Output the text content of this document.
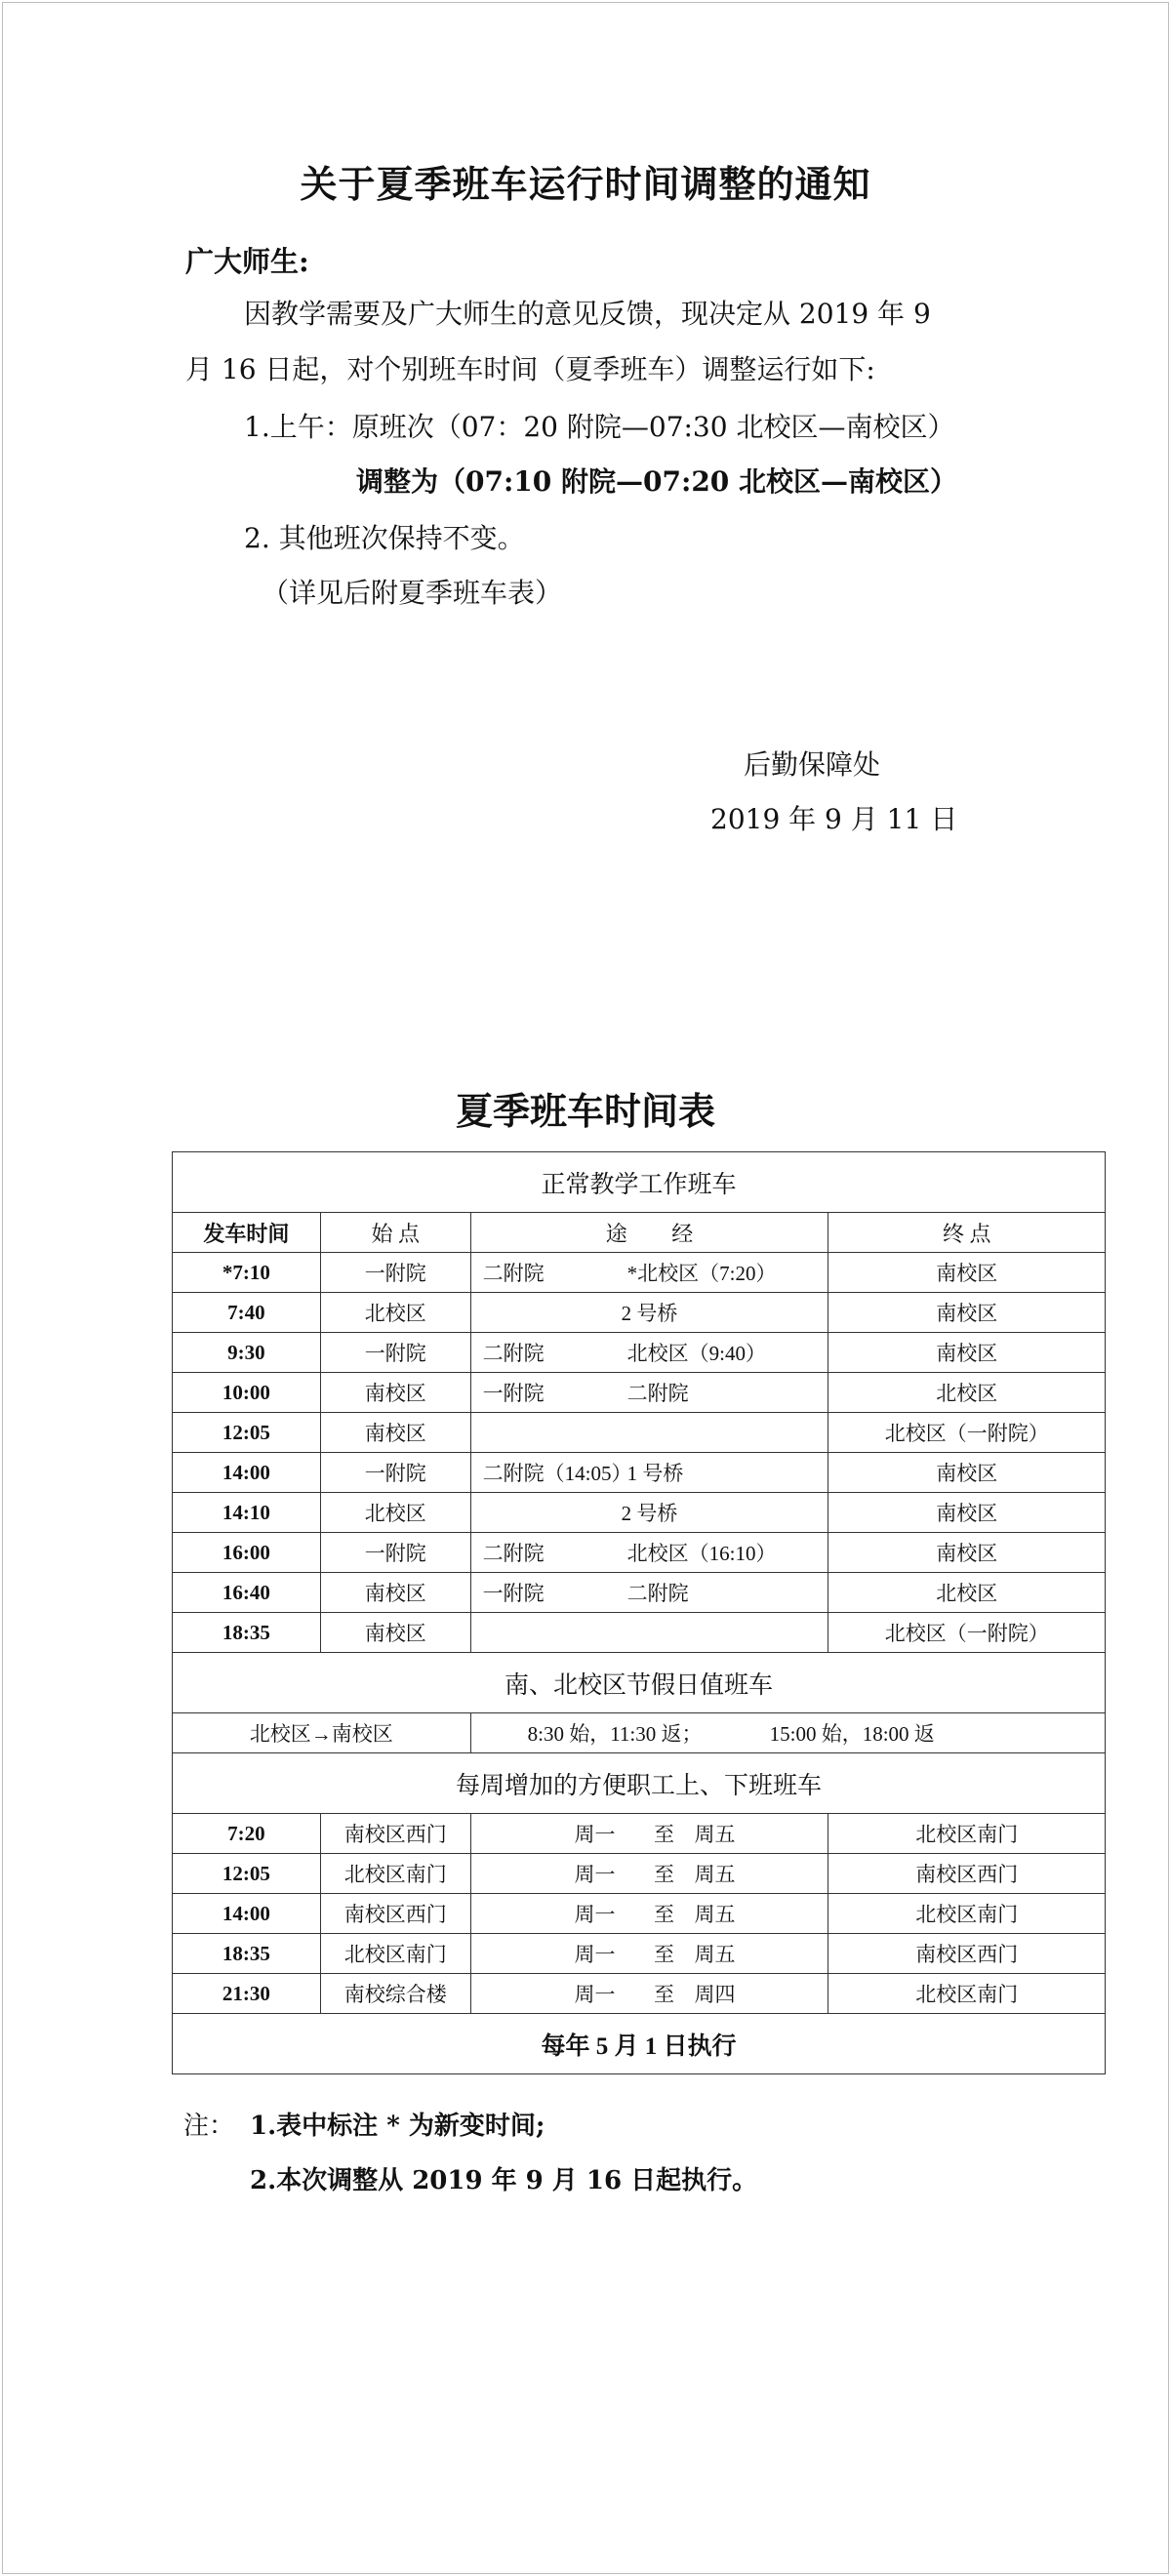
关于夏季班车运行时间调整的通知
广大师生:
因教学需要及广大师生的意见反馈，现决定从 2019 年 9
月 16 日起，对个别班车时间（夏季班车）调整运行如下:
1.上午：原班次（07：20 附院—07:30 北校区—南校区）
调整为（07:10 附院—07:20 北校区—南校区）
2. 其他班次保持不变。
（详见后附夏季班车表）
后勤保障处
2019 年 9 月 11 日
夏季班车时间表
正常教学工作班车			
发车时间	始 点	途 经	终 点
*7:10	一附院	二附院 *北校区（7:20）	南校区
7:40	北校区	2 号桥	南校区
9:30	一附院	二附院 北校区（9:40）	南校区
10:00	南校区	一附院 二附院	北校区
12:05	南校区		北校区（一附院）
14:00	一附院	二附院（14:05）1 号桥	南校区
14:10	北校区	2 号桥	南校区
16:00	一附院	二附院 北校区（16:10）	南校区
16:40	南校区	一附院 二附院	北校区
18:35	南校区		北校区（一附院）
南、北校区节假日值班车			
北校区→南校区		8:30 始，11:30 返； 15:00 始，18:00 返	
每周增加的方便职工上、下班班车			
7:20	南校区西门	周一 至 周五	北校区南门
12:05	北校区南门	周一 至 周五	南校区西门
14:00	南校区西门	周一 至 周五	北校区南门
18:35	北校区南门	周一 至 周五	南校区西门
21:30	南校综合楼	周一 至 周四	北校区南门
每年 5 月 1 日执行			
注： 1.表中标注 * 为新变时间;
2.本次调整从 2019 年 9 月 16 日起执行。
